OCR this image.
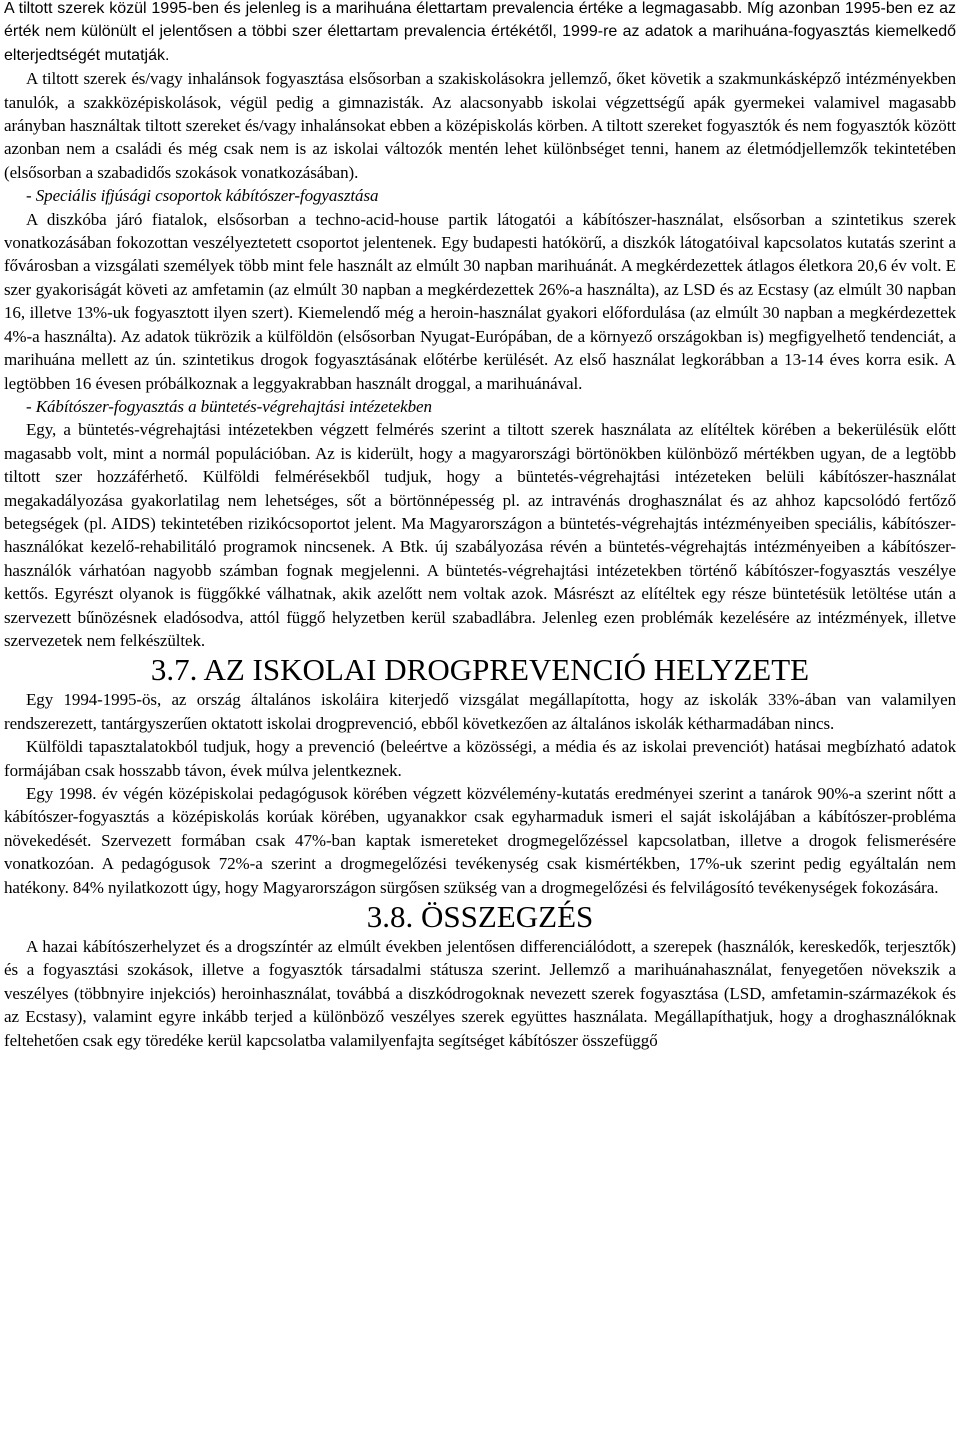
A tiltott szerek közül 1995-ben és jelenleg is a marihuána élettartam prevalencia értéke a legmagasabb. Míg azonban 1995-ben ez az érték nem különült el jelentősen a többi szer élettartam prevalencia értékétől, 1999-re az adatok a marihuána-fogyasztás kiemelkedő elterjedtségét mutatják.

A tiltott szerek és/vagy inhalánsok fogyasztása elsősorban a szakiskolásokra jellemző, őket követik a szakmunkásképző intézményekben tanulók, a szakközépiskolások, végül pedig a gimnazisták. Az alacsonyabb iskolai végzettségű apák gyermekei valamivel magasabb arányban használtak tiltott szereket és/vagy inhalánsokat ebben a középiskolás körben. A tiltott szereket fogyasztók és nem fogyasztók között azonban nem a családi és még csak nem is az iskolai változók mentén lehet különbséget tenni, hanem az életmódjellemzők tekintetében (elsősorban a szabadidős szokások vonatkozásában).

- Speciális ifjúsági csoportok kábítószer-fogyasztása

A diszkóba járó fiatalok, elsősorban a techno-acid-house partik látogatói a kábítószer-használat, elsősorban a szintetikus szerek vonatkozásában fokozottan veszélyeztetett csoportot jelentenek. Egy budapesti hatókörű, a diszkók látogatóival kapcsolatos kutatás szerint a fővárosban a vizsgálati személyek több mint fele használt az elmúlt 30 napban marihuánát. A megkérdezettek átlagos életkora 20,6 év volt. E szer gyakoriságát követi az amfetamin (az elmúlt 30 napban a megkérdezettek 26%-a használta), az LSD és az Ecstasy (az elmúlt 30 napban 16, illetve 13%-uk fogyasztott ilyen szert). Kiemelendő még a heroin-használat gyakori előfordulása (az elmúlt 30 napban a megkérdezettek 4%-a használta). Az adatok tükrözik a külföldön (elsősorban Nyugat-Európában, de a környező országokban is) megfigyelhető tendenciát, a marihuána mellett az ún. szintetikus drogok fogyasztásának előtérbe kerülését. Az első használat legkorábban a 13-14 éves korra esik. A legtöbben 16 évesen próbálkoznak a leggyakrabban használt droggal, a marihuánával.

- Kábítószer-fogyasztás a büntetés-végrehajtási intézetekben

Egy, a büntetés-végrehajtási intézetekben végzett felmérés szerint a tiltott szerek használata az elítéltek körében a bekerülésük előtt magasabb volt, mint a normál populációban. Az is kiderült, hogy a magyarországi börtönökben különböző mértékben ugyan, de a legtöbb tiltott szer hozzáférhető. Külföldi felmérésekből tudjuk, hogy a büntetés-végrehajtási intézeteken belüli kábítószer-használat megakadályozása gyakorlatilag nem lehetséges, sőt a börtönnépesség pl. az intravénás droghasználat és az ahhoz kapcsolódó fertőző betegségek (pl. AIDS) tekintetében rizikócsoportot jelent. Ma Magyarországon a büntetés-végrehajtás intézményeiben speciális, kábítószer-használókat kezelő-rehabilitáló programok nincsenek. A Btk. új szabályozása révén a büntetés-végrehajtás intézményeiben a kábítószer-használók várhatóan nagyobb számban fognak megjelenni. A büntetés-végrehajtási intézetekben történő kábítószer-fogyasztás veszélye kettős. Egyrészt olyanok is függőkké válhatnak, akik azelőtt nem voltak azok. Másrészt az elítéltek egy része büntetésük letöltése után a szervezett bűnözésnek eladósodva, attól függő helyzetben kerül szabadlábra. Jelenleg ezen problémák kezelésére az intézmények, illetve szervezetek nem felkészültek.

3.7. AZ ISKOLAI DROGPREVENCIÓ HELYZETE

Egy 1994-1995-ös, az ország általános iskoláira kiterjedő vizsgálat megállapította, hogy az iskolák 33%-ában van valamilyen rendszerezett, tantárgyszerűen oktatott iskolai drogprevenció, ebből következően az általános iskolák kétharmadában nincs.

Külföldi tapasztalatokból tudjuk, hogy a prevenció (beleértve a közösségi, a média és az iskolai prevenciót) hatásai megbízható adatok formájában csak hosszabb távon, évek múlva jelentkeznek.

Egy 1998. év végén középiskolai pedagógusok körében végzett közvélemény-kutatás eredményei szerint a tanárok 90%-a szerint nőtt a kábítószer-fogyasztás a középiskolás korúak körében, ugyanakkor csak egyharmaduk ismeri el saját iskolájában a kábítószer-probléma növekedését. Szervezett formában csak 47%-ban kaptak ismereteket drogmegelőzéssel kapcsolatban, illetve a drogok felismerésére vonatkozóan. A pedagógusok 72%-a szerint a drogmegelőzési tevékenység csak kismértékben, 17%-uk szerint pedig egyáltalán nem hatékony. 84% nyilatkozott úgy, hogy Magyarországon sürgősen szükség van a drogmegelőzési és felvilágosító tevékenységek fokozására.

3.8. ÖSSZEGZÉS

A hazai kábítószerhelyzet és a drogszíntér az elmúlt években jelentősen differenciálódott, a szerepek (használók, kereskedők, terjesztők) és a fogyasztási szokások, illetve a fogyasztók társadalmi státusza szerint. Jellemző a marihuánahasználat, fenyegetően növekszik a veszélyes (többnyire injekciós) heroinhasználat, továbbá a diszkódrogoknak nevezett szerek fogyasztása (LSD, amfetamin-származékok és az Ecstasy), valamint egyre inkább terjed a különböző veszélyes szerek együttes használata. Megállapíthatjuk, hogy a droghasználóknak feltehetően csak egy töredéke kerül kapcsolatba valamilyenfajta segítséget kábítószer összefüggő
